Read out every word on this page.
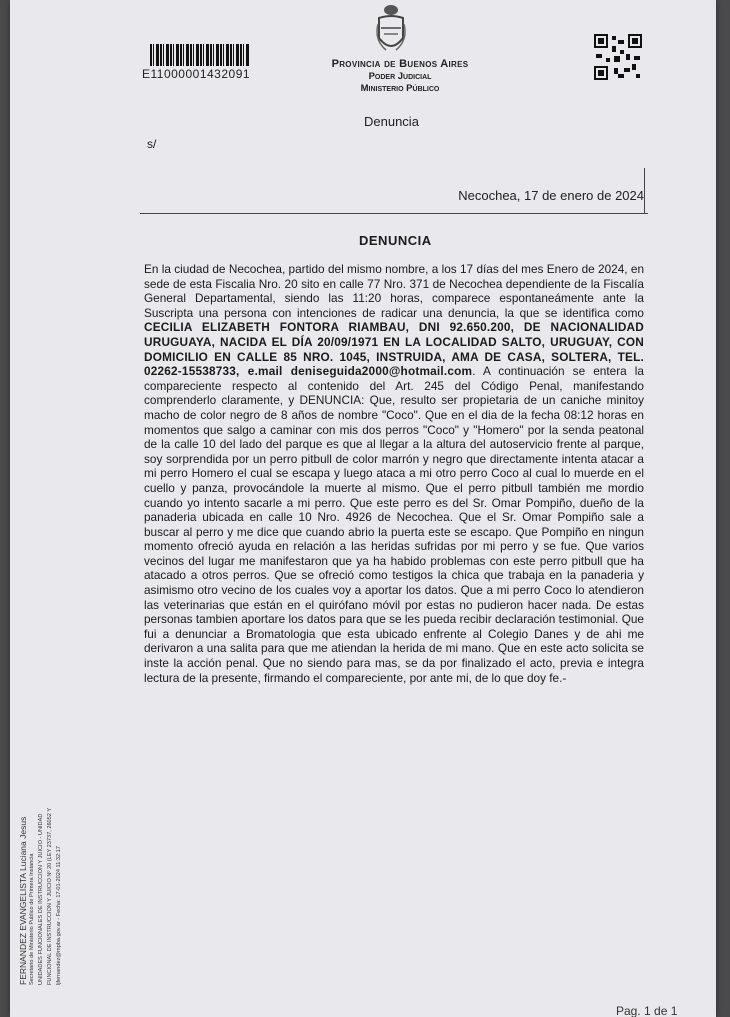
E11000001432091
Provincia de Buenos Aires
Poder Judicial
Ministerio Público
Denuncia
s/
Necochea, 17 de enero de 2024
DENUNCIA
En la ciudad de Necochea, partido del mismo nombre, a los 17 días del mes Enero de 2024, en sede de esta Fiscalia Nro. 20 sito en calle 77 Nro. 371 de Necochea dependiente de la Fiscalía General Departamental, siendo las 11:20 horas, comparece espontaneámente ante la Suscripta una persona con intenciones de radicar una denuncia, la que se identifica como CECILIA ELIZABETH FONTORA RIAMBAU, DNI 92.650.200, DE NACIONALIDAD URUGUAYA, NACIDA EL DÍA 20/09/1971 EN LA LOCALIDAD SALTO, URUGUAY, CON DOMICILIO EN CALLE 85 NRO. 1045, INSTRUIDA, AMA DE CASA, SOLTERA, TEL. 02262-15538733, e.mail deniseguida2000@hotmail.com. A continuación se entera la compareciente respecto al contenido del Art. 245 del Código Penal, manifestando comprenderlo claramente, y DENUNCIA: Que, resulto ser propietaria de un caniche minitoy macho de color negro de 8 años de nombre "Coco". Que en el dia de la fecha 08:12 horas en momentos que salgo a caminar con mis dos perros "Coco" y "Homero" por la senda peatonal de la calle 10 del lado del parque es que al llegar a la altura del autoservicio frente al parque, soy sorprendida por un perro pitbull de color marrón y negro que directamente intenta atacar a mi perro Homero el cual se escapa y luego ataca a mi otro perro Coco al cual lo muerde en el cuello y panza, provocándole la muerte al mismo. Que el perro pitbull también me mordio cuando yo intento sacarle a mi perro. Que este perro es del Sr. Omar Pompiño, dueño de la panaderia ubicada en calle 10 Nro. 4926 de Necochea. Que el Sr. Omar Pompiño sale a buscar al perro y me dice que cuando abrio la puerta este se escapo. Que Pompiño en ningun momento ofreció ayuda en relación a las heridas sufridas por mi perro y se fue. Que varios vecinos del lugar me manifestaron que ya ha habido problemas con este perro pitbull que ha atacado a otros perros. Que se ofreció como testigos la chica que trabaja en la panaderia y asimismo otro vecino de los cuales voy a aportar los datos. Que a mi perro Coco lo atendieron las veterinarias que están en el quirófano móvil por estas no pudieron hacer nada. De estas personas tambien aportare los datos para que se les pueda recibir declaración testimonial. Que fui a denunciar a Bromatologia que esta ubicado enfrente al Colegio Danes y de ahi me derivaron a una salita para que me atiendan la herida de mi mano. Que en este acto solicita se inste la acción penal. Que no siendo para mas, se da por finalizado el acto, previa e integra lectura de la presente, firmando el compareciente, por ante mi, de lo que doy fe.-
FERNANDEZ EVANGELISTA Luciana Jesus Secretario de Ministerio Publico de Primera Instancia UNIDADES FUNCIONALES DE INSTRUCCION Y JUICIO - UNIDAD FUNCIONAL DE INSTRUCCION Y JUICIO Nº 20 (LEY 23737, 26052 Y ljfernandez@mpba.gov.ar - Fecha: 17-01-2024 11:32:17
Pag. 1 de 1
